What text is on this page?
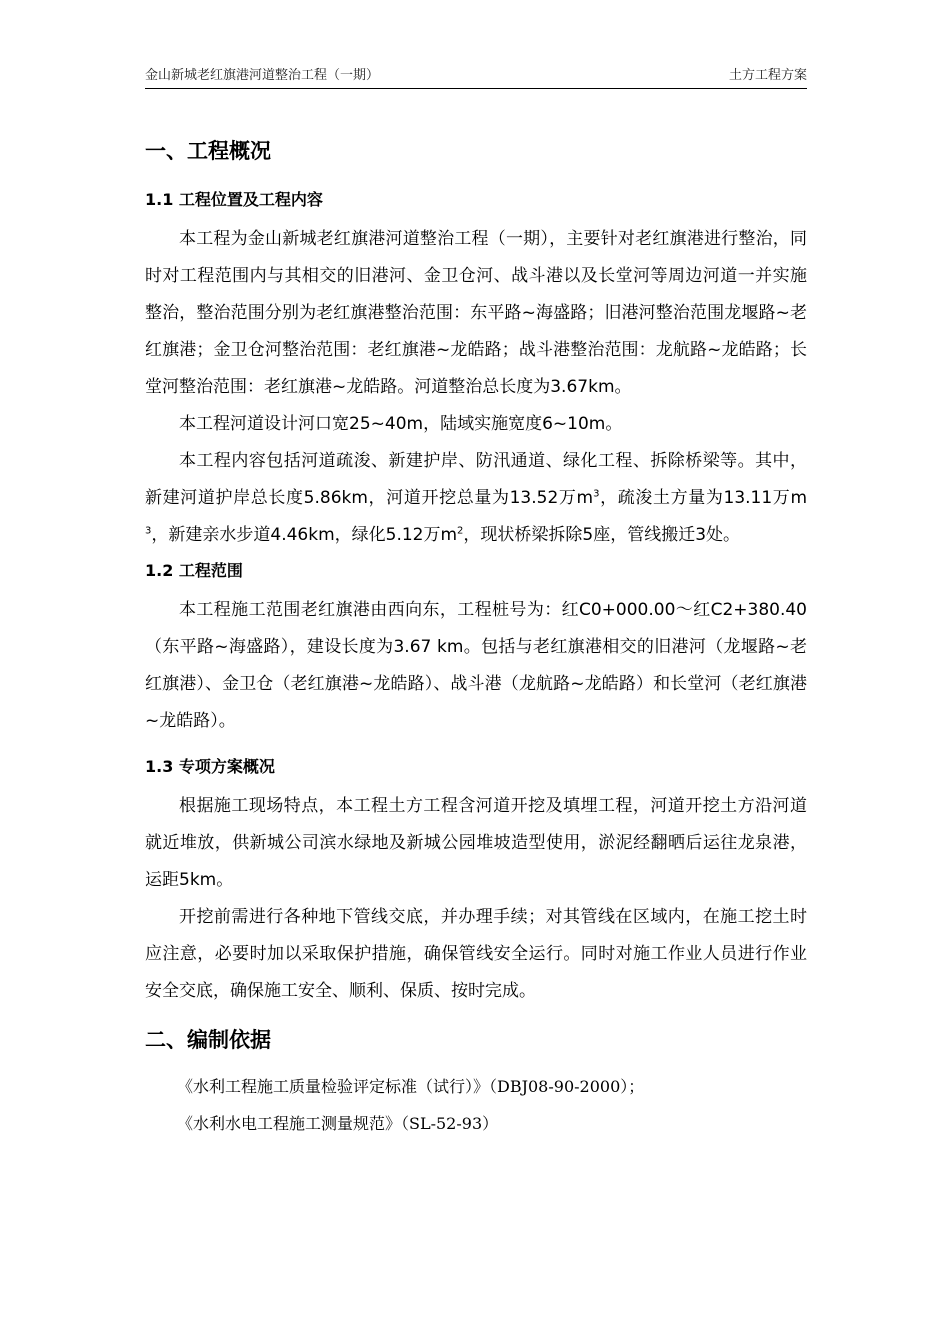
金山新城老红旗港河道整治工程（一期）	土方工程方案
一、工程概况
1.1 工程位置及工程内容

本工程为金山新城老红旗港河道整治工程（一期），主要针对老红旗港进行整治，同时对工程范围内与其相交的旧港河、金卫仓河、战斗港以及长堂河等周边河道一并实施整治，整治范围分别为老红旗港整治范围：东平路~海盛路；旧港河整治范围龙堰路~老红旗港；金卫仓河整治范围：老红旗港~龙皓路；战斗港整治范围：龙航路~龙皓路；长堂河整治范围：老红旗港~龙皓路。河道整治总长度为3.67km。

本工程河道设计河口宽25~40m，陆域实施宽度6~10m。

本工程内容包括河道疏浚、新建护岸、防汛通道、绿化工程、拆除桥梁等。其中，新建河道护岸总长度5.86km，河道开挖总量为13.52万$m^3$，疏浚土方量为13.11万$m^3$，新建亲水步道4.46km，绿化5.12万$m^2$，现状桥梁拆除5座，管线搬迁3处。

1.2 工程范围

本工程施工范围老红旗港由西向东，工程桩号为：红C0+000.00～红C2+380.40（东平路~海盛路），建设长度为3.67 km。包括与老红旗港相交的旧港河（龙堰路~老红旗港）、金卫仓（老红旗港~龙皓路）、战斗港（龙航路~龙皓路）和长堂河（老红旗港~龙皓路）。

1.3 专项方案概况

根据施工现场特点，本工程土方工程含河道开挖及填埋工程，河道开挖土方沿河道就近堆放，供新城公司滨水绿地及新城公园堆坡造型使用，淤泥经翻晒后运往龙泉港，运距5km。

开挖前需进行各种地下管线交底，并办理手续；对其管线在区域内，在施工挖土时应注意，必要时加以采取保护措施，确保管线安全运行。同时对施工作业人员进行作业安全交底，确保施工安全、顺利、保质、按时完成。

二、编制依据

《水利工程施工质量检验评定标准（试行）》（DBJ08-90-2000）；

《水利水电工程施工测量规范》（SL-52-93）
